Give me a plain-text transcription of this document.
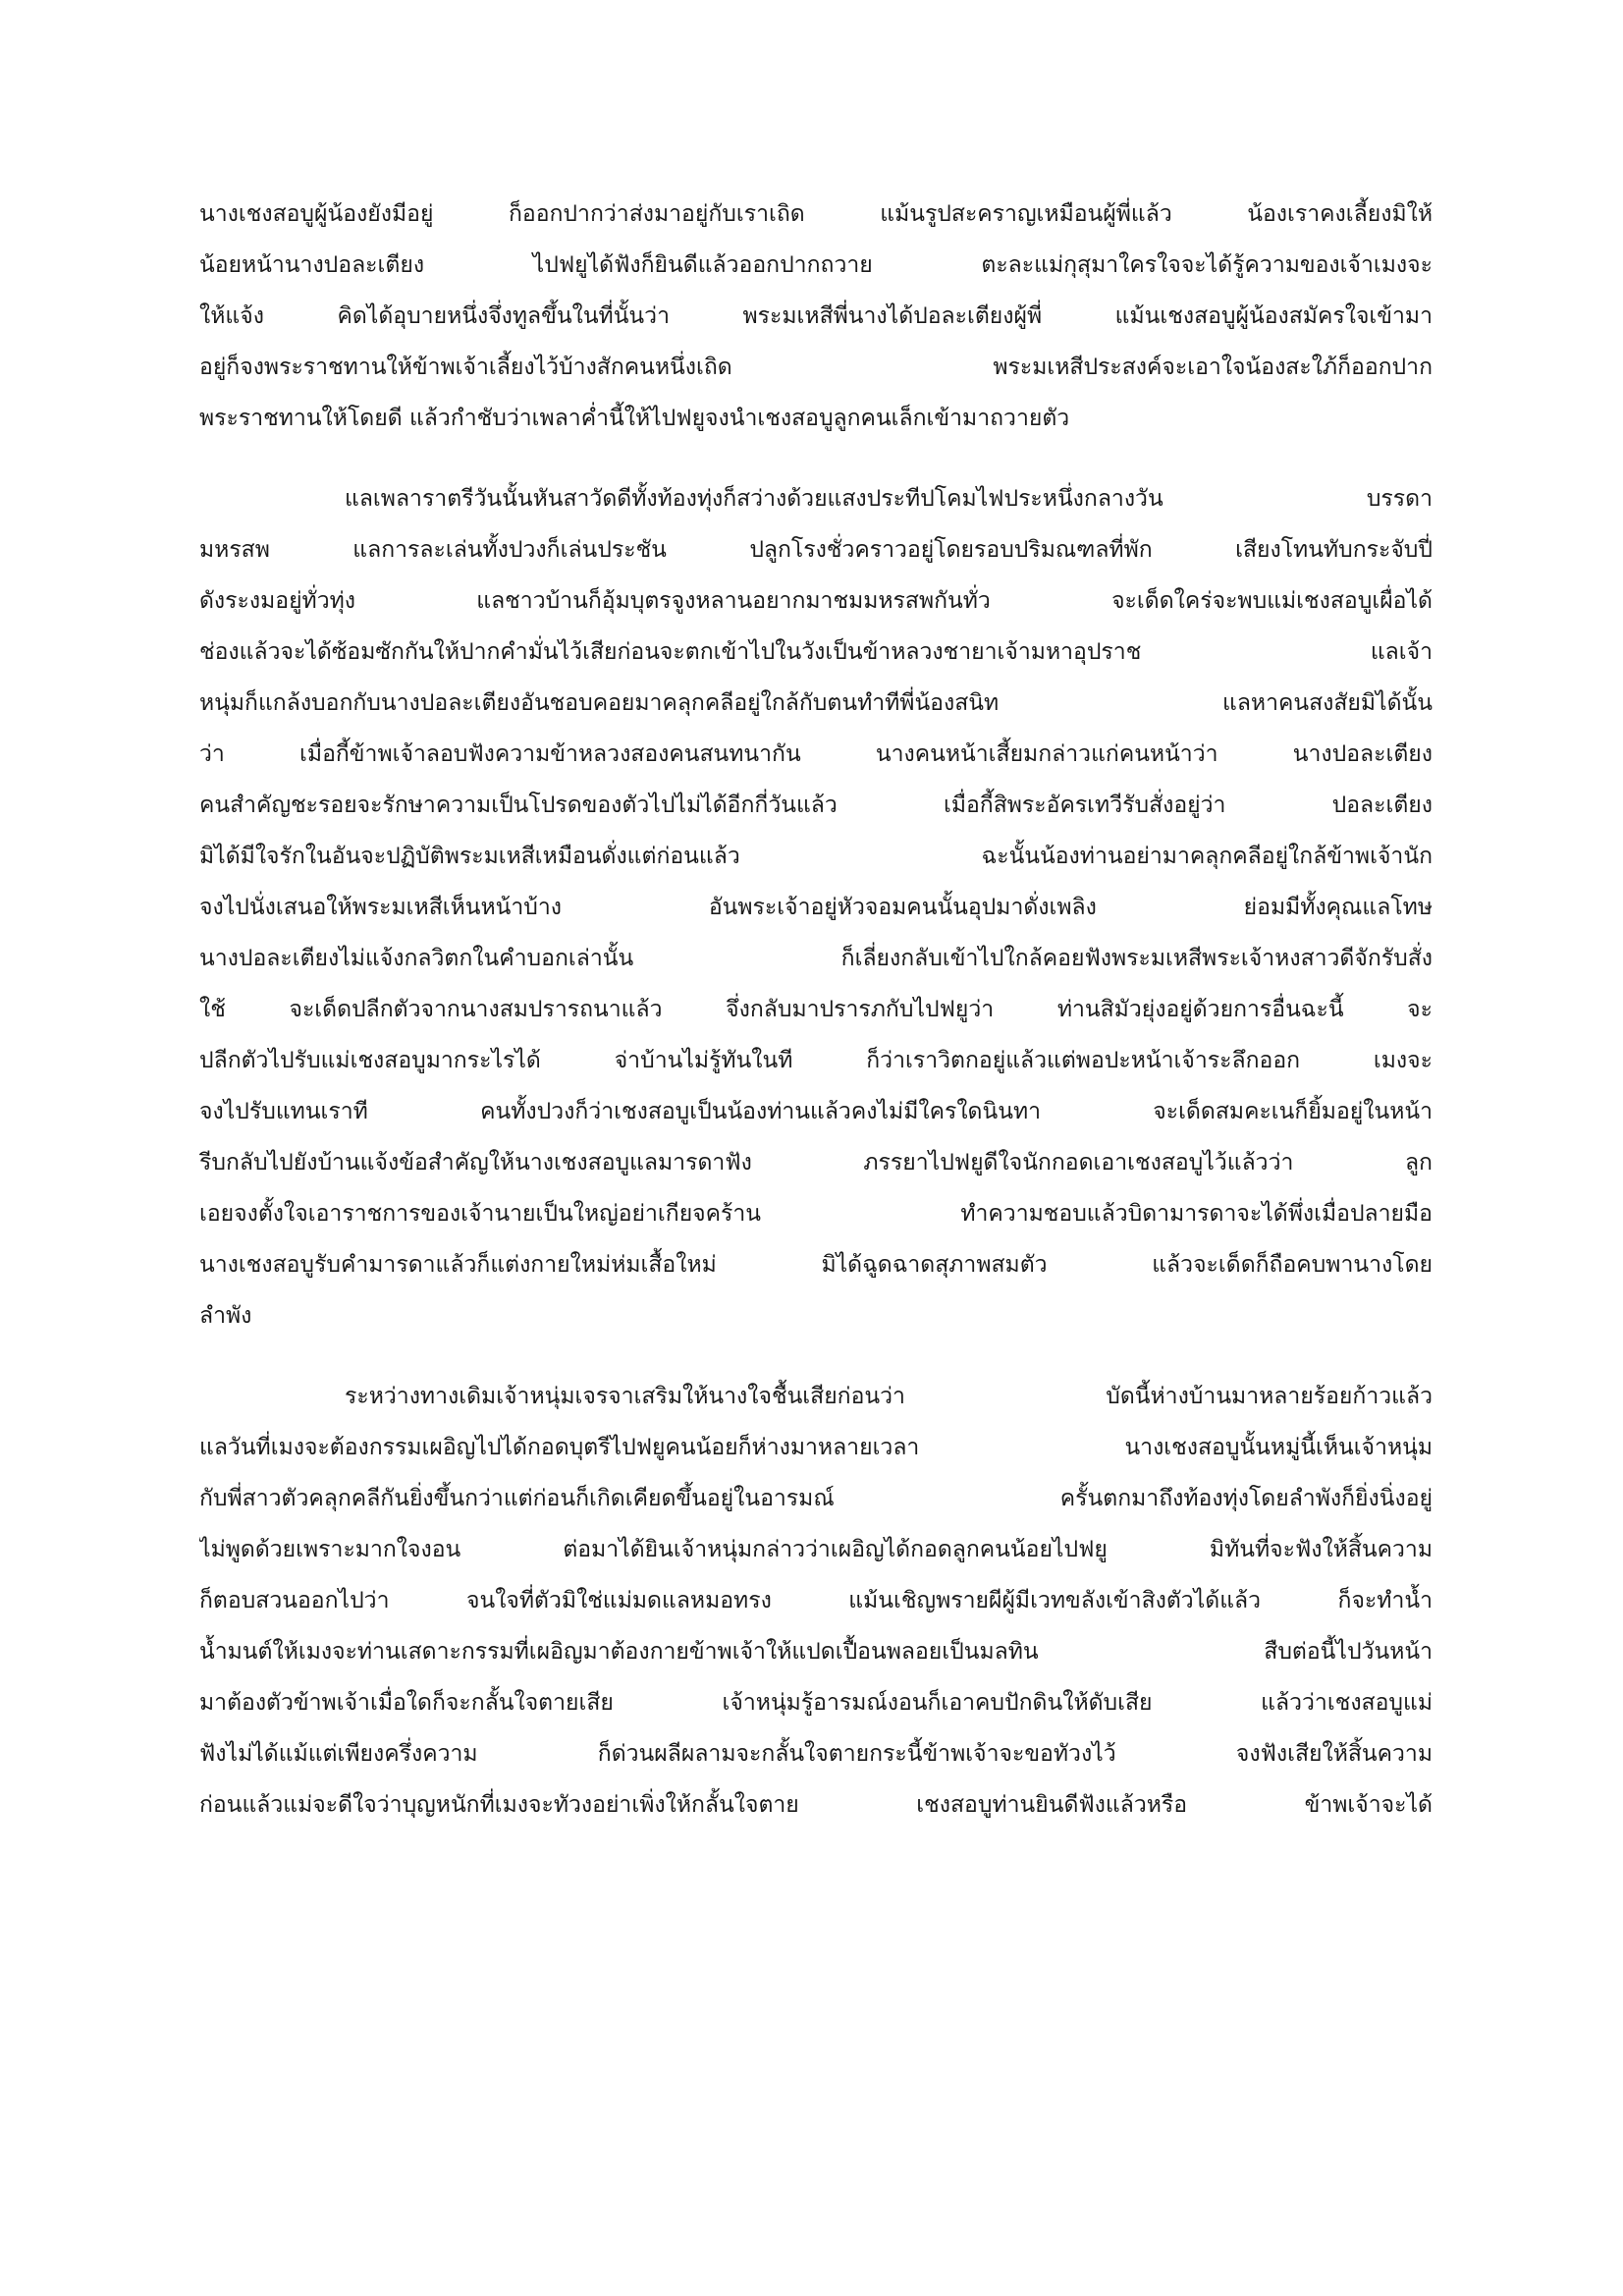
นางเชงสอบูผู้น้องยังมีอยู่ ก็ออกปากว่าส่งมาอยู่กับเราเถิด แม้นรูปสะคราญเหมือนผู้พี่แล้ว น้องเราคงเลี้ยงมิให้
น้อยหน้านางปอละเตียง ไปฟยูได้ฟังก็ยินดีแล้วออกปากถวาย ตะละแม่กุสุมาใครใจจะได้รู้ความของเจ้าเมงจะ
ให้แจ้ง คิดได้อุบายหนึ่งจึ่งทูลขึ้นในที่นั้นว่า พระมเหสีพี่นางได้ปอละเตียงผู้พี่ แม้นเชงสอบูผู้น้องสมัครใจเข้ามา
อยู่ก็จงพระราชทานให้ข้าพเจ้าเลี้ยงไว้บ้างสักคนหนึ่งเถิด พระมเหสีประสงค์จะเอาใจน้องสะใภ้ก็ออกปาก
พระราชทานให้โดยดี แล้วกำชับว่าเพลาค่ำนี้ให้ไปฟยูจงนำเชงสอบูลูกคนเล็กเข้ามาถวายตัว
แลเพลาราตรีวันนั้นหันสาวัดดีทั้งท้องทุ่งก็สว่างด้วยแสงประทีปโคมไฟประหนึ่งกลางวัน บรรดา
มหรสพ แลการละเล่นทั้งปวงก็เล่นประชัน ปลูกโรงชั่วคราวอยู่โดยรอบปริมณฑลที่พัก เสียงโทนทับกระจับปี่
ดังระงมอยู่ทั่วทุ่ง แลชาวบ้านก็อุ้มบุตรจูงหลานอยากมาชมมหรสพกันทั่ว จะเด็ดใคร่จะพบแม่เชงสอบูเผื่อได้
ช่องแล้วจะได้ซ้อมซักกันให้ปากคำมั่นไว้เสียก่อนจะตกเข้าไปในวังเป็นข้าหลวงชายาเจ้ามหาอุปราช แลเจ้า
หนุ่มก็แกล้งบอกกับนางปอละเตียงอันชอบคอยมาคลุกคลีอยู่ใกล้กับตนทำทีพี่น้องสนิท แลหาคนสงสัยมิได้นั้น
ว่า เมื่อกี้ข้าพเจ้าลอบฟังความข้าหลวงสองคนสนทนากัน นางคนหน้าเสี้ยมกล่าวแก่คนหน้าว่า นางปอละเตียง
คนสำคัญชะรอยจะรักษาความเป็นโปรดของตัวไปไม่ได้อีกกี่วันแล้ว เมื่อกี้สิพระอัครเทวีรับสั่งอยู่ว่า ปอละเตียง
มิได้มีใจรักในอันจะปฏิบัติพระมเหสีเหมือนดั่งแต่ก่อนแล้ว ฉะนั้นน้องท่านอย่ามาคลุกคลีอยู่ใกล้ข้าพเจ้านัก
จงไปนั่งเสนอให้พระมเหสีเห็นหน้าบ้าง อันพระเจ้าอยู่หัวจอมคนนั้นอุปมาดั่งเพลิง ย่อมมีทั้งคุณแลโทษ
นางปอละเตียงไม่แจ้งกลวิตกในคำบอกเล่านั้น ก็เลี่ยงกลับเข้าไปใกล้คอยฟังพระมเหสีพระเจ้าหงสาวดีจักรับสั่ง
ใช้ จะเด็ดปลีกตัวจากนางสมปรารถนาแล้ว จึ่งกลับมาปรารภกับไปฟยูว่า ท่านสิมัวยุ่งอยู่ด้วยการอื่นฉะนี้ จะ
ปลีกตัวไปรับแม่เชงสอบูมากระไรได้ จ่าบ้านไม่รู้ทันในที ก็ว่าเราวิตกอยู่แล้วแต่พอปะหน้าเจ้าระลึกออก เมงจะ
จงไปรับแทนเราที คนทั้งปวงก็ว่าเชงสอบูเป็นน้องท่านแล้วคงไม่มีใครใดนินทา จะเด็ดสมคะเนก็ยิ้มอยู่ในหน้า
รีบกลับไปยังบ้านแจ้งข้อสำคัญให้นางเชงสอบูแลมารดาฟัง ภรรยาไปฟยูดีใจนักกอดเอาเชงสอบูไว้แล้วว่า ลูก
เอยจงตั้งใจเอาราชการของเจ้านายเป็นใหญ่อย่าเกียจคร้าน ทำความชอบแล้วบิดามารดาจะได้พึ่งเมื่อปลายมือ
นางเชงสอบูรับคำมารดาแล้วก็แต่งกายใหม่ห่มเสื้อใหม่ มิได้ฉูดฉาดสุภาพสมตัว แล้วจะเด็ดก็ถือคบพานางโดย
ลำพัง
ระหว่างทางเดิมเจ้าหนุ่มเจรจาเสริมให้นางใจชื้นเสียก่อนว่า บัดนี้ห่างบ้านมาหลายร้อยก้าวแล้ว
แลวันที่เมงจะต้องกรรมเผอิญไปได้กอดบุตรีไปฟยูคนน้อยก็ห่างมาหลายเวลา นางเชงสอบูนั้นหมู่นี้เห็นเจ้าหนุ่ม
กับพี่สาวตัวคลุกคลีกันยิ่งขึ้นกว่าแต่ก่อนก็เกิดเคียดขึ้นอยู่ในอารมณ์ ครั้นตกมาถึงท้องทุ่งโดยลำพังก็ยิ่งนิ่งอยู่
ไม่พูดด้วยเพราะมากใจงอน ต่อมาได้ยินเจ้าหนุ่มกล่าวว่าเผอิญได้กอดลูกคนน้อยไปฟยู มิทันที่จะฟังให้สิ้นความ
ก็ตอบสวนออกไปว่า จนใจที่ตัวมิใช่แม่มดแลหมอทรง แม้นเชิญพรายผีผู้มีเวทขลังเข้าสิงตัวได้แล้ว ก็จะทำน้ำ
น้ำมนต์ให้เมงจะท่านเสดาะกรรมที่เผอิญมาต้องกายข้าพเจ้าให้แปดเปื้อนพลอยเป็นมลทิน สืบต่อนี้ไปวันหน้า
มาต้องตัวข้าพเจ้าเมื่อใดก็จะกลั้นใจตายเสีย เจ้าหนุ่มรู้อารมณ์งอนก็เอาคบปักดินให้ดับเสีย แล้วว่าเชงสอบูแม่
ฟังไม่ได้แม้แต่เพียงครึ่งความ ก็ด่วนผลีผลามจะกลั้นใจตายกระนี้ข้าพเจ้าจะขอทัวงไว้ จงฟังเสียให้สิ้นความ
ก่อนแล้วแม่จะดีใจว่าบุญหนักที่เมงจะทัวงอย่าเพิ่งให้กลั้นใจตาย เชงสอบูท่านยินดีฟังแล้วหรือ ข้าพเจ้าจะได้
